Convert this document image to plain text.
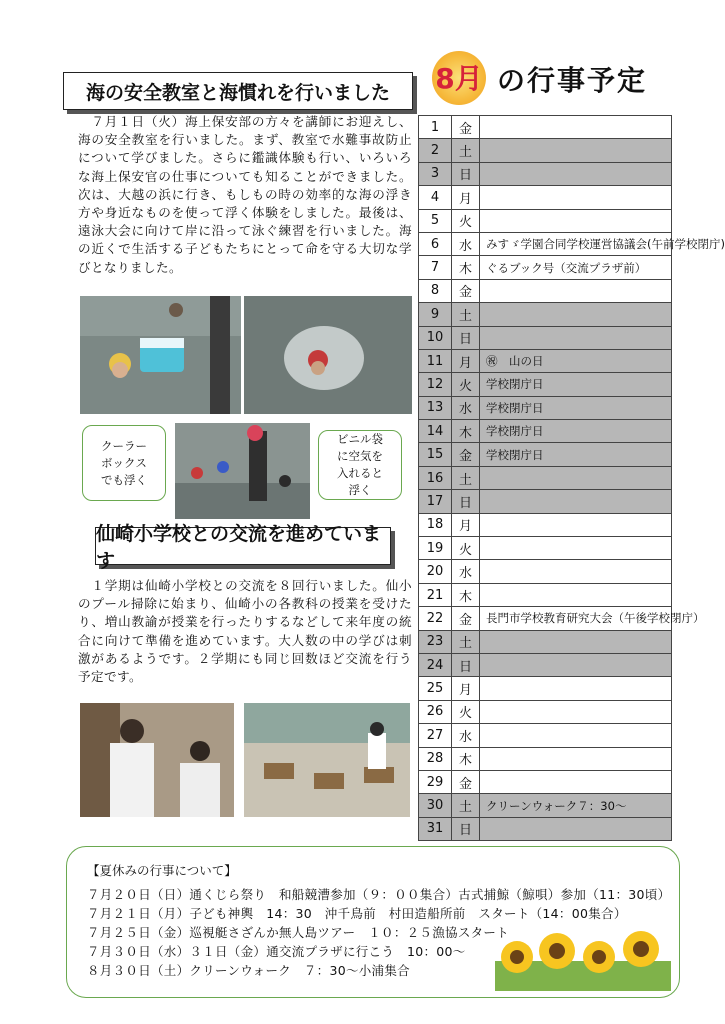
海の安全教室と海慣れを行いました
　７月１日（火）海上保安部の方々を講師にお迎えし、海の安全教室を行いました。まず、教室で水難事故防止について学びました。さらに鑑識体験も行い、いろいろな海上保安官の仕事についても知ることができました。次は、大越の浜に行き、もしもの時の効率的な海の浮き方や身近なものを使って浮く体験をしました。最後は、遠泳大会に向けて岸に沿って泳ぐ練習を行いました。海の近くで生活する子どもたちにとって命を守る大切な学びとなりました。
クーラーボックスでも浮く
ビニル袋に空気を入れると浮く
仙崎小学校との交流を進めています
　１学期は仙崎小学校との交流を８回行いました。仙小のプール掃除に始まり、仙崎小の各教科の授業を受けたり、増山教諭が授業を行ったりするなどして来年度の統合に向けて準備を進めています。大人数の中の学びは刺激があるようです。２学期にも同じ回数ほど交流を行う予定です。
8月 の行事予定
1	金	
2	土	
3	日	
4	月	
5	火	
6	水	みすゞ学園合同学校運営協議会(午前学校閉庁)
7	木	ぐるブック号（交流プラザ前）
8	金	
9	土	
10	日	
11	月	㊗　山の日
12	火	学校閉庁日
13	水	学校閉庁日
14	木	学校閉庁日
15	金	学校閉庁日
16	土	
17	日	
18	月	
19	火	
20	水	
21	木	
22	金	長門市学校教育研究大会（午後学校閉庁）
23	土	
24	日	
25	月	
26	火	
27	水	
28	木	
29	金	
30	土	クリーンウォーク７：30～
31	日	
【夏休みの行事について】
７月２０日（日）通くじら祭り　和船競漕参加（９：００集合）古式捕鯨（鯨唄）参加（11：30頃）
７月２１日（月）子ども神輿　14：30　沖千鳥前　村田造船所前　スタート（14：00集合）
７月２５日（金）巡視艇さざんか無人島ツアー　１０：２５漁協スタート
７月３０日（水）３１日（金）通交流プラザに行こう　10：00～
８月３０日（土）クリーンウォーク　７：30～小浦集合
